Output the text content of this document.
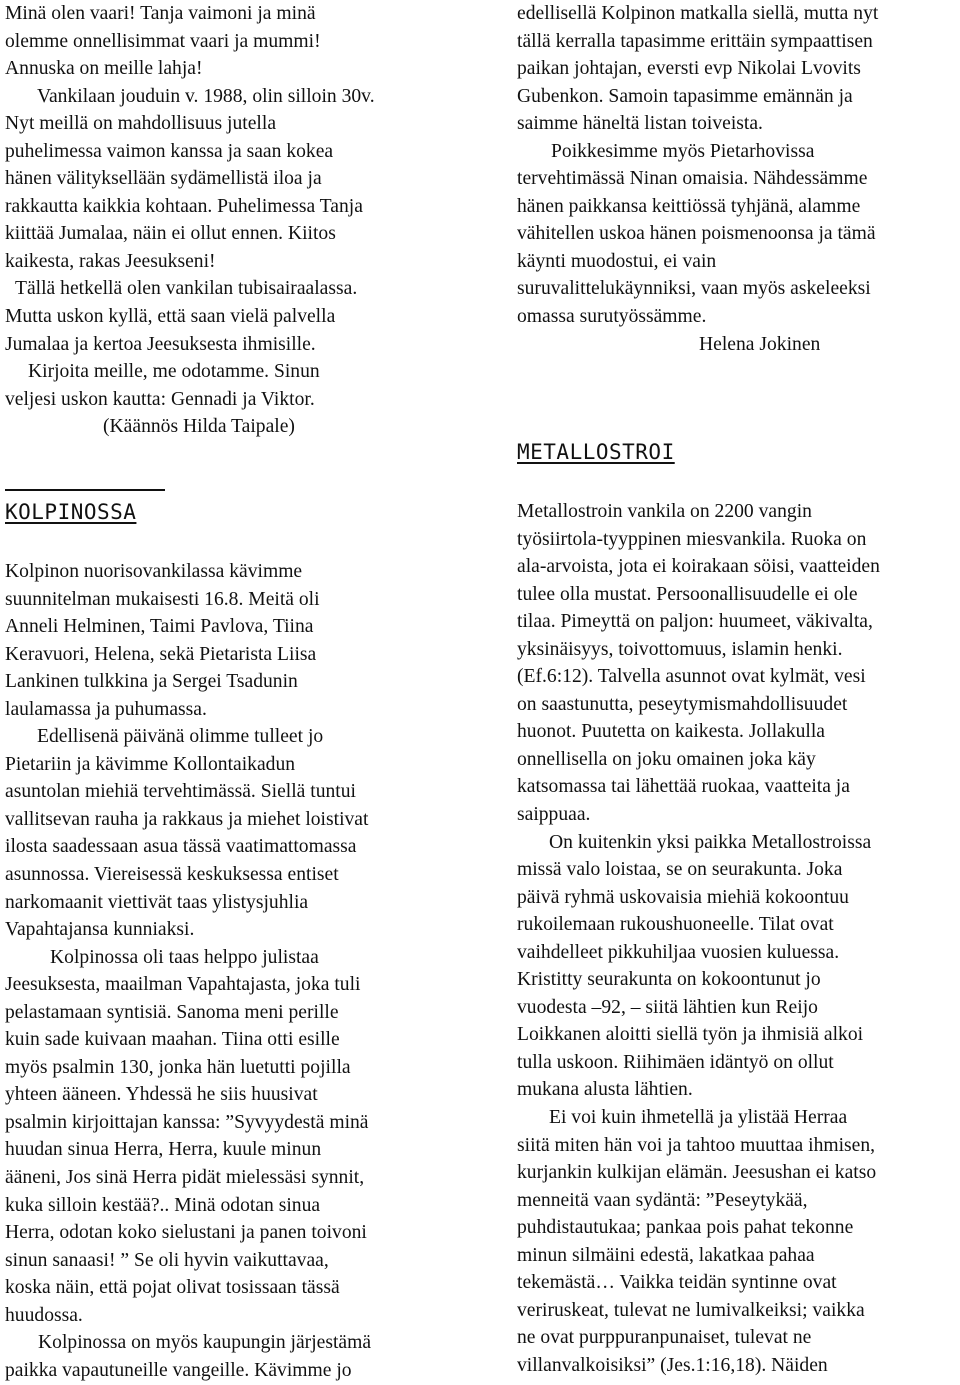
Minä olen vaari! Tanja vaimoni ja minä
olemme onnellisimmat vaari ja mummi!
Annuska on meille lahja!
Vankilaan jouduin v. 1988, olin silloin 30v.
Nyt meillä on mahdollisuus jutella
puhelimessa vaimon kanssa ja saan kokea
hänen välityksellään sydämellistä iloa ja
rakkautta kaikkia kohtaan. Puhelimessa Tanja
kiittää Jumalaa, näin ei ollut ennen. Kiitos
kaikesta, rakas Jeesukseni!
Tällä hetkellä olen vankilan tubisairaalassa.
Mutta uskon kyllä, että saan vielä palvella
Jumalaa ja kertoa Jeesuksesta ihmisille.
Kirjoita meille, me odotamme. Sinun
veljesi uskon kautta: Gennadi ja Viktor.
(Käännös Hilda Taipale)
KOLPINOSSA
Kolpinon nuorisovankilassa kävimme
suunnitelman mukaisesti 16.8. Meitä oli
Anneli Helminen, Taimi Pavlova, Tiina
Keravuori, Helena, sekä Pietarista Liisa
Lankinen tulkkina ja Sergei Tsadunin
laulamassa ja puhumassa.
Edellisenä päivänä olimme tulleet jo
Pietariin ja kävimme Kollontaikadun
asuntolan miehiä tervehtimässä. Siellä tuntui
vallitsevan rauha ja rakkaus ja miehet loistivat
ilosta saadessaan asua tässä vaatimattomassa
asunnossa. Viereisessä keskuksessa entiset
narkomaanit viettivät taas ylistysjuhlia
Vapahtajansa kunniaksi.
Kolpinossa oli taas helppo julistaa
Jeesuksesta, maailman Vapahtajasta, joka tuli
pelastamaan syntisiä. Sanoma meni perille
kuin sade kuivaan maahan. Tiina otti esille
myös psalmin 130, jonka hän luetutti pojilla
yhteen ääneen. Yhdessä he siis huusivat
psalmin kirjoittajan kanssa: ”Syvyydestä minä
huudan sinua Herra, Herra, kuule minun
ääneni, Jos sinä Herra pidät mielessäsi synnit,
kuka silloin kestää?.. Minä odotan sinua
Herra, odotan koko sielustani ja panen toivoni
sinun sanaasi! ” Se oli hyvin vaikuttavaa,
koska näin, että pojat olivat tosissaan tässä
huudossa.
Kolpinossa on myös kaupungin järjestämä
paikka vapautuneille vangeille. Kävimme jo
edellisellä Kolpinon matkalla siellä, mutta nyt
tällä kerralla tapasimme erittäin sympaattisen
paikan johtajan, eversti evp Nikolai Lvovits
Gubenkon. Samoin tapasimme emännän ja
saimme häneltä listan toiveista.
Poikkesimme myös Pietarhovissa
tervehtimässä Ninan omaisia. Nähdessämme
hänen paikkansa keittiössä tyhjänä, alamme
vähitellen uskoa hänen poismenoonsa ja tämä
käynti muodostui, ei vain
suruvalittelukäynniksi, vaan myös askeleeksi
omassa surutyössämme.
Helena Jokinen
METALLOSTROI
Metallostroin vankila on 2200 vangin
työsiirtola-tyyppinen miesvankila. Ruoka on
ala-arvoista, jota ei koirakaan söisi, vaatteiden
tulee olla mustat. Persoonallisuudelle ei ole
tilaa. Pimeyttä on paljon: huumeet, väkivalta,
yksinäisyys, toivottomuus, islamin henki.
(Ef.6:12). Talvella asunnot ovat kylmät, vesi
on saastunutta, peseytymismahdollisuudet
huonot. Puutetta on kaikesta. Jollakulla
onnellisella on joku omainen joka käy
katsomassa tai lähettää ruokaa, vaatteita ja
saippuaa.
On kuitenkin yksi paikka Metallostroissa
missä valo loistaa, se on seurakunta. Joka
päivä ryhmä uskovaisia miehiä kokoontuu
rukoilemaan rukoushuoneelle. Tilat ovat
vaihdelleet pikkuhiljaa vuosien kuluessa.
Kristitty seurakunta on kokoontunut jo
vuodesta –92, – siitä lähtien kun Reijo
Loikkanen aloitti siellä työn ja ihmisiä alkoi
tulla uskoon. Riihimäen idäntyö on ollut
mukana alusta lähtien.
Ei voi kuin ihmetellä ja ylistää Herraa
siitä miten hän voi ja tahtoo muuttaa ihmisen,
kurjankin kulkijan elämän. Jeesushan ei katso
menneitä vaan sydäntä: ”Peseytykää,
puhdistautukaa; pankaa pois pahat tekonne
minun silmäini edestä, lakatkaa pahaa
tekemästä… Vaikka teidän syntinne ovat
veriruskeat, tulevat ne lumivalkeiksi; vaikka
ne ovat purppuranpunaiset, tulevat ne
villanvalkoisiksi” (Jes.1:16,18). Näiden
